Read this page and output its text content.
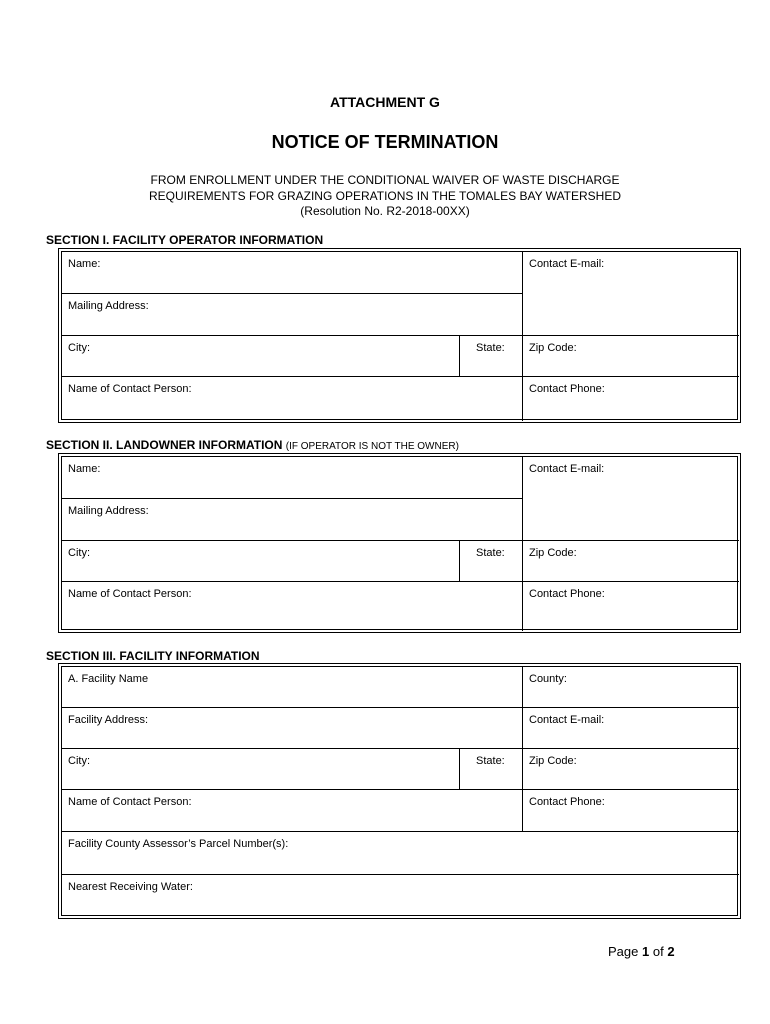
ATTACHMENT G
NOTICE OF TERMINATION
FROM ENROLLMENT UNDER THE CONDITIONAL WAIVER OF WASTE DISCHARGE
REQUIREMENTS FOR GRAZING OPERATIONS IN THE TOMALES BAY WATERSHED
(Resolution No. R2-2018-00XX)
SECTION I. FACILITY OPERATOR INFORMATION
Name:	Contact E-mail:
Mailing Address:
City:	State:	Zip Code:
Name of Contact Person:	Contact Phone:
SECTION II. LANDOWNER INFORMATION (IF OPERATOR IS NOT THE OWNER)
Name:	Contact E-mail:
Mailing Address:
City:	State:	Zip Code:
Name of Contact Person:	Contact Phone:
SECTION III. FACILITY INFORMATION
A. Facility Name	County:
Facility Address:	Contact E-mail:
City:	State:	Zip Code:
Name of Contact Person:	Contact Phone:
Facility County Assessor’s Parcel Number(s):
Nearest Receiving Water:
Page 1 of 2
